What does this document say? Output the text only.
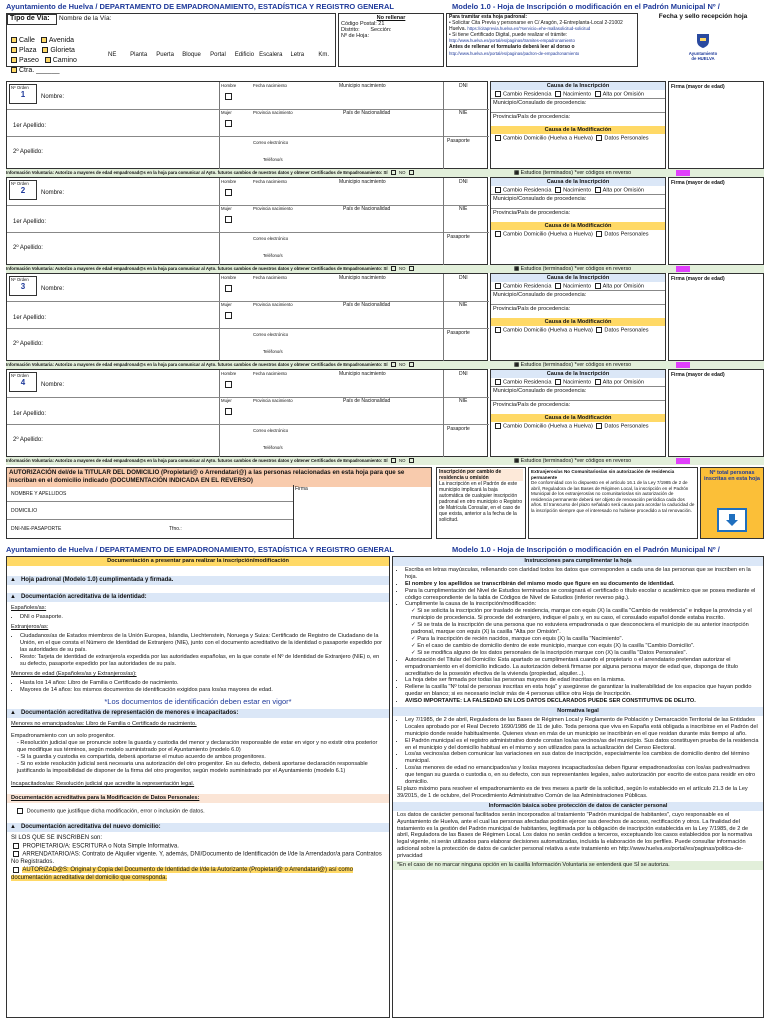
Ayuntamiento de Huelva / DEPARTAMENTO DE EMPADRONAMIENTO, ESTADÍSTICA Y REGISTRO GENERAL	Modelo 1.0 - Hoja de Inscripción o modificación en el Padrón Municipal Nº /
Tipo de Vía:	Nombre de la Vía:
Calle Avenida
Plaza Glorieta
Paseo Camino
Ctra. ______
NE	Planta	Puerta	Bloque	Portal	Edificio Escalera	Letra	Km.
No rellenar
Código Postal: 21
Distrito: Sección:
Nº de Hoja:
Para tramitar esta hoja padronal:
• Solicitar Cita Previa y personarse en C/ Aragón, 2-Entreplanta-Local 2-21002 Huelva. https://citaprevia.huelva.es/?servicio=ehe-mallasolicitud-solicitud
• Si tiene Certificado Digital, puede realizar el trámite: http://www.huelva.es/portal/es/paginas/tramites-empadronamiento
Antes de rellenar el formulario deberá leer al dorso o http://www.huelva.es/portal/es/paginas/padron-de-empadronamiento
Fecha y sello recepción hoja
Ayuntamiento de HUELVA
Nº Orden
1	Nombre:
1er Apellido:
2º Apellido:
Hombre
Mujer
Fecha nacimiento
Provincia nacimiento
Municipio nacimiento
País de Nacionalidad
Correo electrónico
Teléfono/s
DNI
NIE
Pasaporte
Causa de la Inscripción
Cambio Residencia Nacimiento Alta por Omisión
Municipio/Consulado de procedencia:
Provincia/País de procedencia:
Causa de la Modificación
Cambio Domicilio (Huelva a Huelva) Datos Personales
Firma (mayor de edad)
Información Voluntaria: Autorizo a mayores de edad empadronad@s en la hoja para comunicar al Ayto. futuros cambios de nuestros datos y obtener Certificados de Empadronamiento: SÍ	NO	▦ Estudios (terminados) *ver códigos en reverso
Nº Orden
2	Nombre:
1er Apellido:
2º Apellido:
Hombre
Mujer
Fecha nacimiento
Provincia nacimiento
Municipio nacimiento
País de Nacionalidad
Correo electrónico
Teléfono/s
DNI
NIE
Pasaporte
Causa de la Inscripción
Cambio Residencia Nacimiento Alta por Omisión
Municipio/Consulado de procedencia:
Provincia/País de procedencia:
Causa de la Modificación
Cambio Domicilio (Huelva a Huelva) Datos Personales
Firma (mayor de edad)
Información Voluntaria: Autorizo a mayores de edad empadronad@s en la hoja para comunicar al Ayto. futuros cambios de nuestros datos y obtener Certificados de Empadronamiento: SÍ	NO	▦ Estudios (terminados) *ver códigos en reverso
Nº Orden
3	Nombre:
1er Apellido:
2º Apellido:
Hombre
Mujer
Fecha nacimiento
Provincia nacimiento
Municipio nacimiento
País de Nacionalidad
Correo electrónico
Teléfono/s
DNI
NIE
Pasaporte
Causa de la Inscripción
Cambio Residencia Nacimiento Alta por Omisión
Municipio/Consulado de procedencia:
Provincia/País de procedencia:
Causa de la Modificación
Cambio Domicilio (Huelva a Huelva) Datos Personales
Firma (mayor de edad)
Información Voluntaria: Autorizo a mayores de edad empadronad@s en la hoja para comunicar al Ayto. futuros cambios de nuestros datos y obtener Certificados de Empadronamiento: SÍ	NO	▦ Estudios (terminados) *ver códigos en reverso
Nº Orden
4	Nombre:
1er Apellido:
2º Apellido:
Hombre
Mujer
Fecha nacimiento
Provincia nacimiento
Municipio nacimiento
País de Nacionalidad
Correo electrónico
Teléfono/s
DNI
NIE
Pasaporte
Causa de la Inscripción
Cambio Residencia Nacimiento Alta por Omisión
Municipio/Consulado de procedencia:
Provincia/País de procedencia:
Causa de la Modificación
Cambio Domicilio (Huelva a Huelva) Datos Personales
Firma (mayor de edad)
Información Voluntaria: Autorizo a mayores de edad empadronad@s en la hoja para comunicar al Ayto. futuros cambios de nuestros datos y obtener Certificados de Empadronamiento: SÍ	NO	▦ Estudios (terminados) *ver códigos en reverso
AUTORIZACIÓN del/de la TITULAR DEL DOMICILIO (Propietari@ o Arrendatari@) a las personas relacionadas en esta hoja para que se inscriban en el domicilio indicado (DOCUMENTACIÓN INDICADA EN EL REVERSO)
NOMBRE Y APELLIDOS
DOMICILIO
DNI-NIE-PASAPORTE	Tfno.:
Firma
Inscripción por cambio de residencia u omisión
La inscripción en el Padrón de este municipio implicará la baja automática de cualquier inscripción padronal en otro municipio o Registro de Matrícula Consular, en el caso de que exista, anterior a la fecha de la solicitud.
Extranjeros/as No Comunitarios/as sin autorización de residencia permanente
De conformidad con lo dispuesto en el artículo 16.1 de la Ley 7/1985 de 2 de abril, Reguladora de las Bases de Régimen Local, la inscripción en el Padrón Municipal de los extranjeros/as no comunitarios/as sin autorización de residencia permanente deberá ser objeto de renovación periódica cada dos años. El transcurso del plazo señalado será causa para acordar la caducidad de la inscripción siempre que el interesado no hubiese procedido a tal renovación.
Nº total personas inscritas en esta hoja
Ayuntamiento de Huelva / DEPARTAMENTO DE EMPADRONAMIENTO, ESTADÍSTICA Y REGISTRO GENERAL	Modelo 1.0 - Hoja de Inscripción o modificación en el Padrón Municipal Nº /
Documentación a presentar para realizar la inscripción/modificación
▲   Hoja padronal (Modelo 1.0) cumplimentada y firmada.
▲   Documentación acreditativa de la identidad:
Españoles/as:
• DNI o Pasaporte.
Extranjeros/as:
• Ciudadanos/as de Estados miembros de la Unión Europea, Islandia, Liechtenstein, Noruega y Suiza: Certificado de Registro de Ciudadano de la Unión, en el que consta el Número de Identidad de Extranjero (NIE), junto con el documento acreditativo de la identidad o pasaporte expedido por las autoridades de su país.
• Resto: Tarjeta de identidad de extranjero/a expedida por las autoridades españolas, en la que conste el Nº de Identidad de Extranjero (NIE) o, en su defecto, pasaporte expedido por las autoridades de su país.
Menores de edad (Españoles/as y Extranjeros/as):
• Hasta los 14 años: Libro de Familia o Certificado de nacimiento.
• Mayores de 14 años: los mismos documentos de identificación exigidos para los/as mayores de edad.
*Los documentos de identificación deben estar en vigor*
▲   Documentación acreditativa de representación de menores e incapacitados:
Menores no emancipados/as: Libro de Familia o Certificado de nacimiento.
Empadronamiento con un solo progenitor.
- Resolución judicial que se pronuncie sobre la guarda y custodia del menor y declaración responsable de estar en vigor y no existir otra posterior que modifique sus términos, según modelo suministrado por el Ayuntamiento (modelo 6.0)
- Si la guardia y custodia es compartida, deberá aportarse el mutuo acuerdo de ambos progenitores.
- Si no existe resolución judicial será necesaria una autorización del otro progenitor. En su defecto, deberá aportarse declaración responsable justificando la imposibilidad de disponer de la firma del otro progenitor, según modelo suministrado por el Ayuntamiento (modelo 6.1)
Incapacitados/as: Resolución judicial que acredite la representación legal.
Documentación acreditativa para la Modificación de Datos Personales:
Documento que justifique dicha modificación, error o inclusión de datos.
▲   Documentación acreditativa del nuevo domicilio:
SI LOS QUE SE INSCRIBEN son:
PROPIETARIO/A: ESCRITURA o Nota Simple Informativa.
ARRENDATARIO/AS: Contrato de Alquiler vigente. Y, además, DNI/Documento de Identificación de l/de la Arrendador/a para Contratos No Registrados.
AUTORIZAD@S: Original y Copia del Documento de Identidad de l/de la Autorizante (Propietari@ o Arrendatari@) así como documentación acreditativa del domicilio que corresponda.
Instrucciones para cumplimentar la hoja
• Escriba en letras mayúsculas, rellenando con claridad todos los datos que corresponden a cada una de las personas que se inscriben en la hoja.
• El nombre y los apellidos se transcribirán del mismo modo que figure en su documento de identidad.
• Para la cumplimentación del Nivel de Estudios terminados se consignará el certificado o título escolar o académico que se posea mediante el código correspondiente de la tabla de Códigos de Nivel de Estudios (inferior reverso pág.).
• Cumplimente la causa de la inscripción/modificación:
✓ Si se solicita la inscripción por traslado de residencia, marque con equis (X) la casilla "Cambio de residencia" e indique la provincia y el municipio de procedencia. Si procede del extranjero, indique el país y, en su caso, el consulado español donde estaba inscrito.
✓ Si se trata de la inscripción de una persona que no estuviera empadronada o que desconociera el municipio de su anterior inscripción padronal, marque con equis (X) la casilla "Alta por Omisión".
✓ Para la inscripción de recién nacidos, marque con equis (X) la casilla "Nacimiento".
✓ En el caso de cambio de domicilio dentro de este municipio, marque con equis (X) la casilla "Cambio Domicilio".
✓ Si se modifica alguno de los datos personales de la inscripción marque con (X) la casilla "Datos Personales".
• Autorización del Titular del Domicilio: Esta apartado se cumplimentará cuando el propietario o el arrendatario pretendan autorizar el empadronamiento en el domicilio indicado. La autorización deberá firmarse por alguna persona mayor de edad que, disponga de título acreditativo de la posesión efectiva de la vivienda (propiedad, alquiler...).
• La hoja debe ser firmada por todas las personas mayores de edad inscritas en la misma.
• Rellene la casilla "Nº total de personas inscritas en esta hoja" y asegúrese de garantizar la inalterabilidad de los espacios que hayan podido quedar en blanco; si es necesario incluir más de 4 personas utilice otra Hoja de Inscripción.
• AVISO IMPORTANTE: LA FALSEDAD EN LOS DATOS DECLARADOS PUEDE SER CONSTITUTIVE DE DELITO.
Normativa legal
• Ley 7/1985, de 2 de abril, Reguladora de las Bases de Régimen Local y Reglamento de Población y Demarcación Territorial de las Entidades Locales aprobado por el Real Decreto 1690/1986 de 11 de julio. Toda persona que viva en España está obligada a inscribirse en el Padrón del municipio donde reside habitualmente. Quienes vivan en más de un municipio se inscribirán en el que residan durante más tiempo al año.
• El Padrón municipal es el registro administrativo donde constan los/as vecinos/as del municipio. Sus datos constituyen prueba de la residencia en el municipio y del domicilio habitual en el mismo y son utilizados para la actualización del Censo Electoral.
• Los/as vecinos/as deben comunicar las variaciones en sus datos de inscripción, especialmente los cambios de domicilio dentro del término municipal.
• Los/as menores de edad no emancipados/as y los/as mayores incapacitados/as deben figurar empadronados/as con los/as padres/madres que tengan su guarda o custodia o, en su defecto, con sus representantes legales, salvo autorización por escrito de estos para residir en otro domicilio.
El plazo máximo para resolver el empadronamiento es de tres meses a partir de la solicitud, según lo establecido en el artículo 21.3 de la Ley 39/2015, de 1 de octubre, del Procedimiento Administrativo Común de las Administraciones Públicas.
Información básica sobre protección de datos de carácter personal
Los datos de carácter personal facilitados serán incorporados al tratamiento "Padrón municipal de habitantes", cuyo responsable es el Ayuntamiento de Huelva, ante el cual las personas afectadas podrán ejercer sus derechos de acceso, rectificación y otros. La finalidad del tratamiento es la gestión del Padrón municipal de habitantes, legitimada por la obligación de inscripción establecida en la Ley 7/1985, de 2 de abril, Reguladora de las Bases de Régimen Local. Los datos no serán cedidos a terceros, exceptuando los casos establecidos por la normativa legal vigente, ni serán utilizados para elaborar decisiones automatizadas, incluida la elaboración de los perfiles. Puede consultar información adicional sobre la protección de datos de carácter personal relativa a este tratamiento en http://www.huelva.es/portal/es/paginas/politica-de-privacidad
*En el caso de no marcar ninguna opción en la casilla Información Voluntaria se entenderá que SÍ se autoriza.
